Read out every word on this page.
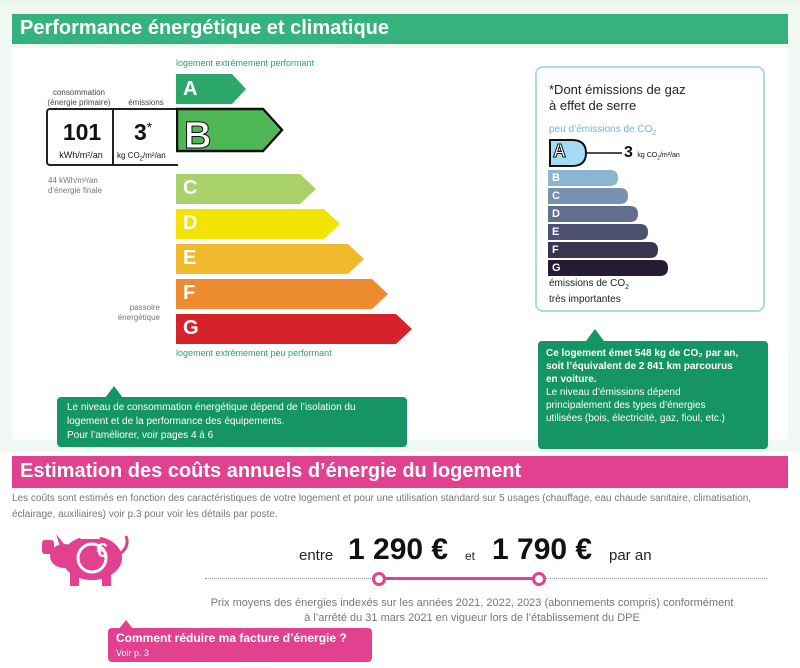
Performance énergétique et climatique
logement extrêmement performant
consommation
(énergie primaire)	émissions
101
kWh/m²/an
3*
kg $CO_2/m^2/an$
44 kWh/m²/an
d'énergie finale
passoire
énergétique
A
B
C
D
E
F
G
logement extrêmement peu performant
Le niveau de consommation énergétique dépend de l’isolation du
logement et de la performance des équipements.
Pour l’améliorer, voir pages 4 à 6
*Dont émissions de gaz
à effet de serre
peu d’émissions de $CO_2$
A
B
C
D
E
F
G
3 kg $CO_2/m^2/an$
émissions de $CO_2$
très importantes
Ce logement émet 548 kg de CO₂ par an,
soit l’équivalent de 2 841 km parcourus
en voiture.
Le niveau d’émissions dépend
principalement des types d’énergies
utilisées (bois, électricité, gaz, fioul, etc.)
Estimation des coûts annuels d’énergie du logement
Les coûts sont estimés en fonction des caractéristiques de votre logement et pour une utilisation standard sur 5 usages (chauffage, eau chaude sanitaire, climatisation, éclairage, auxiliaires) voir p.3 pour voir les détails par poste.
€	entre 1 290 € et 1 790 € par an
Prix moyens des énergies indexés sur les années 2021, 2022, 2023 (abonnements compris) conformément
à l’arrêté du 31 mars 2021 en vigueur lors de l’établissement du DPE
Comment réduire ma facture d’énergie ?
Voir p. 3
